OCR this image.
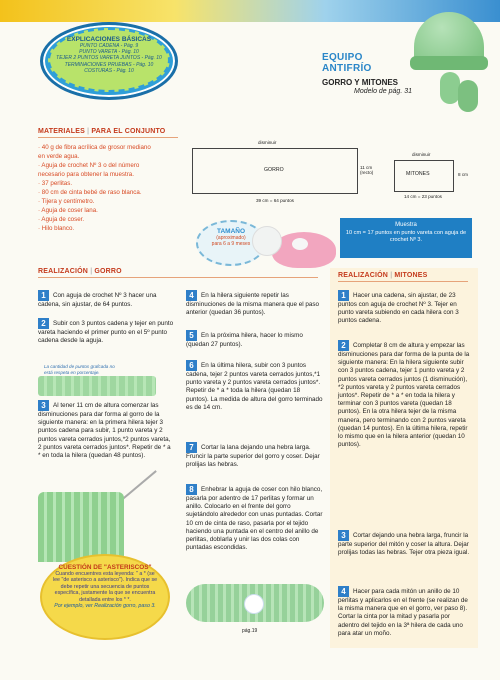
EXPLICACIONES BÁSICAS
PUNTO CADENA - Pág. 9
PUNTO VARETA - Pág. 10
TEJER 2 PUNTOS VARETA JUNTOS - Pág. 10
TERMINACIONES PRUEBAS - Pág. 10
COSTURAS - Pág. 10
EQUIPO ANTIFRÍO
GORRO Y MITONES
Modelo de pág. 31
MATERIALES | PARA EL CONJUNTO
· 40 g de fibra acrílica de grosor mediano
en verde agua.
· Aguja de crochet Nº 3 o del número
necesario para obtener la muestra.
· 37 perlitas.
· 80 cm de cinta bebé de raso blanca.
· Tijera y centímetro.
· Aguja de coser lana.
· Aguja de coser.
· Hilo blanco.
disminuir
GORRO	11 cm (recto)
39 cm = 64 puntos
disminuir
MITONES	8 cm
14 cm = 23 puntos
TAMAÑO
(aproximado)
para 6 a 9 meses
Muestra
10 cm = 17 puntos en punto vareta con aguja de crochet Nº 3.
REALIZACIÓN | GORRO
REALIZACIÓN | MITONES
1 Con aguja de crochet Nº 3 hacer una cadena, sin ajustar, de 64 puntos.
2 Subir con 3 puntos cadena y tejer en punto vareta haciendo el primer punto en el 5º punto cadena desde la aguja.
La cantidad de puntos grafcada no está respeta en porcentaje.
3 Al tener 11 cm de altura comenzar las disminuciones para dar forma al gorro de la siguiente manera: en la primera hilera tejer 3 puntos cadena para subir, 1 punto vareta y 2 puntos vareta cerrados juntos,*2 puntos vareta, 2 puntos vareta cerrados juntos*. Repetir de * a * en toda la hilera (quedan 48 puntos).
CUESTIÓN DE "ASTERISCOS"
Cuando encuentres esta leyenda: " a * (se lee "de asterisco a asterisco"). Indica que se debe repetir una secuencia de puntos específica, justamente la que se encuentra detallada entre los * *.
Por ejemplo, ver Realización gorro, paso 3.
4 En la hilera siguiente repetir las disminuciones de la misma manera que el paso anterior (quedan 36 puntos).
5 En la próxima hilera, hacer lo mismo (quedan 27 puntos).
6 En la última hilera, subir con 3 puntos cadena, tejer 2 puntos vareta cerrados juntos,*1 punto vareta y 2 puntos vareta cerrados juntos*. Repetir de * a * toda la hilera (quedan 18 puntos). La medida de altura del gorro terminado es de 14 cm.
7 Cortar la lana dejando una hebra larga. Fruncir la parte superior del gorro y coser. Dejar prolijas las hebras.
8 Enhebrar la aguja de coser con hilo blanco, pasarla por adentro de 17 perlitas y formar un anillo. Colocarlo en el frente del gorro sujetándolo alrededor con unas puntadas. Cortar 10 cm de cinta de raso, pasarla por el tejido haciendo una puntada en el centro del anillo de perlitas, doblarla y unir las dos colas con puntadas escondidas.
1 Hacer una cadena, sin ajustar, de 23 puntos con aguja de crochet Nº 3. Tejer en punto vareta subiendo en cada hilera con 3 puntos cadena.
2 Completar 8 cm de altura y empezar las disminuciones para dar forma de la punta de la siguiente manera: En la hilera siguiente subir con 3 puntos cadena, tejer 1 punto vareta y 2 puntos vareta cerrados juntos (1 disminución), *2 puntos vareta y 2 puntos vareta cerrados juntos*. Repetir de * a * en toda la hilera y terminar con 3 puntos vareta (quedan 18 puntos). En la otra hilera tejer de la misma manera, pero terminando con 2 puntos vareta (quedan 14 puntos). En la última hilera, repetir lo mismo que en la hilera anterior (quedan 10 puntos).
3 Cortar dejando una hebra larga, fruncir la parte superior del mitón y coser la altura. Dejar prolijas todas las hebras. Tejer otra pieza igual.
4 Hacer para cada mitón un anillo de 10 perlitas y aplicarlos en el frente (se realizan de la misma manera que en el gorro, ver paso 8). Cortar la cinta por la mitad y pasarla por adentro del tejido en la 3ª hilera de cada uno para atar un moño.
pág.19
